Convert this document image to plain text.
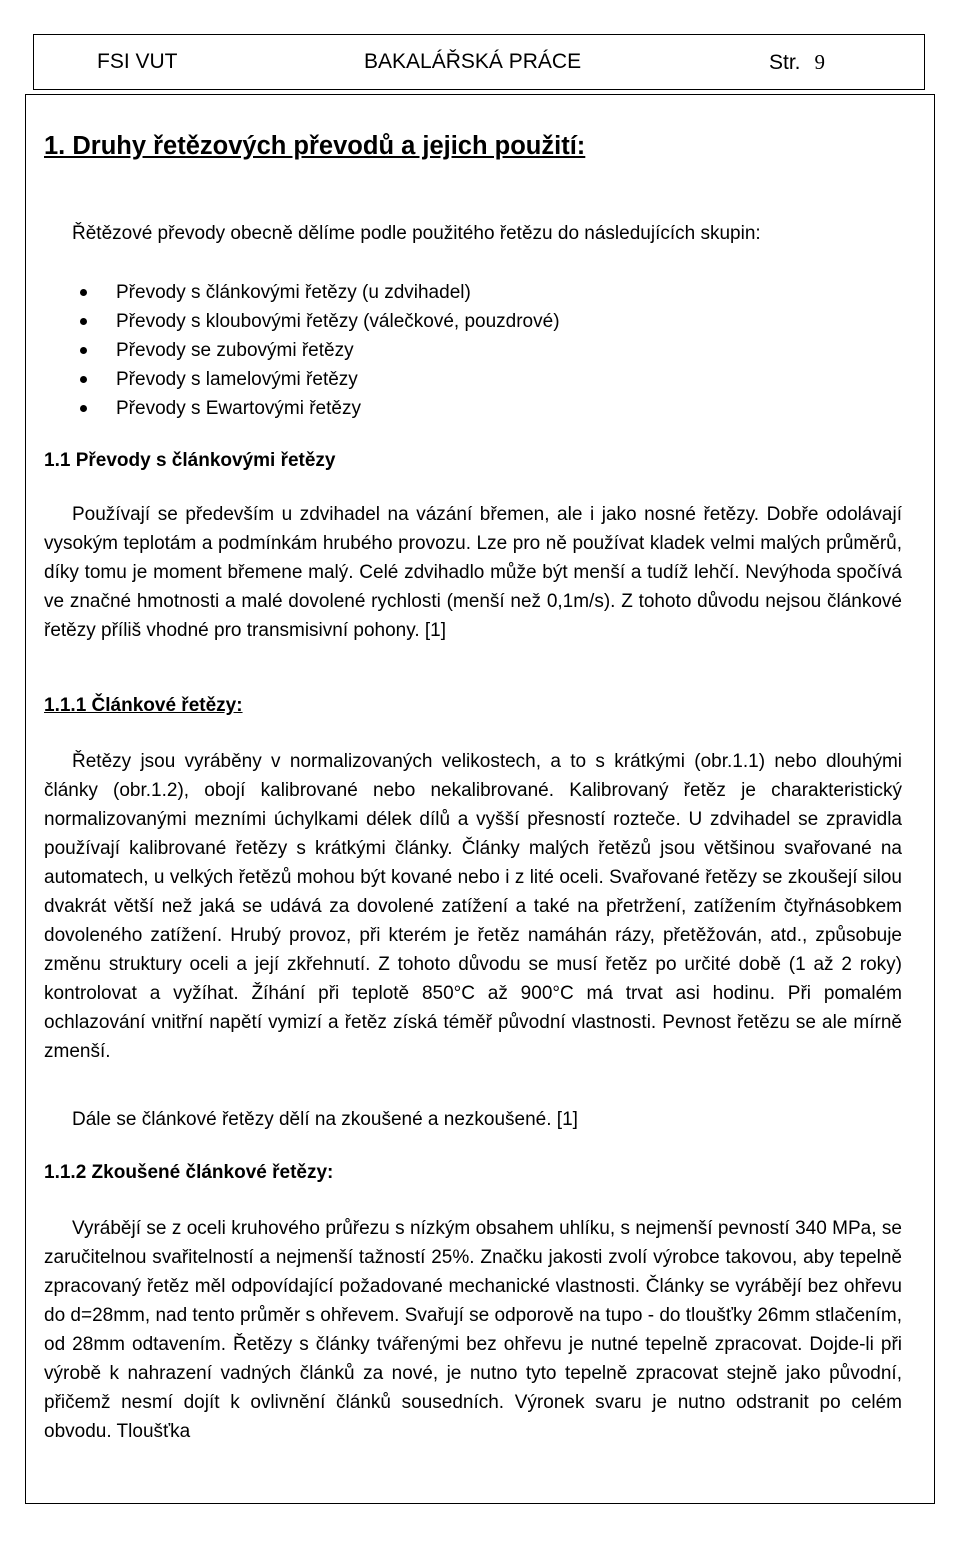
FSI VUT	BAKALÁŘSKÁ PRÁCE	Str. 9
1. Druhy řetězových převodů a jejich použití:

Řětězové převody obecně dělíme podle použitého řetězu do následujících skupin:

Převody s článkovými řetězy (u zdvihadel)
Převody s kloubovými řetězy (válečkové, pouzdrové)
Převody se zubovými řetězy
Převody s lamelovými řetězy
Převody s Ewartovými řetězy
1.1 Převody s článkovými řetězy

Používají se především u zdvihadel na vázání břemen, ale i jako nosné řetězy. Dobře odolávají vysokým teplotám a podmínkám hrubého provozu. Lze pro ně používat kladek velmi malých průměrů, díky tomu je moment břemene malý. Celé zdvihadlo může být menší a tudíž lehčí. Nevýhoda spočívá ve značné hmotnosti a malé dovolené rychlosti (menší než 0,1m/s). Z tohoto důvodu nejsou článkové řetězy příliš vhodné pro transmisivní pohony. [1]

1.1.1 Článkové řetězy:

Řetězy jsou vyráběny v normalizovaných velikostech, a to s krátkými (obr.1.1) nebo dlouhými články (obr.1.2), obojí kalibrované nebo nekalibrované. Kalibrovaný řetěz je charakteristický normalizovanými mezními úchylkami délek dílů a vyšší přesností rozteče. U zdvihadel se zpravidla používají kalibrované řetězy s krátkými články. Články malých řetězů jsou většinou svařované na automatech, u velkých řetězů mohou být kované nebo i z lité oceli. Svařované řetězy se zkoušejí silou dvakrát větší než jaká se udává za dovolené zatížení a také na přetržení, zatížením čtyřnásobkem dovoleného zatížení. Hrubý provoz, při kterém je řetěz namáhán rázy, přetěžován, atd., způsobuje změnu struktury oceli a její zkřehnutí. Z tohoto důvodu se musí řetěz po určité době (1 až 2 roky) kontrolovat a vyžíhat. Žíhání při teplotě 850°C až 900°C má trvat asi hodinu. Při pomalém ochlazování vnitřní napětí vymizí a řetěz získá téměř původní vlastnosti. Pevnost řetězu se ale mírně zmenší.

Dále se článkové řetězy dělí na zkoušené a nezkoušené. [1]

1.1.2 Zkoušené článkové řetězy:

Vyrábějí se z oceli kruhového průřezu s nízkým obsahem uhlíku, s nejmenší pevností 340 MPa, se zaručitelnou svařitelností a nejmenší tažností 25%. Značku jakosti zvolí výrobce takovou, aby tepelně zpracovaný řetěz měl odpovídající požadované mechanické vlastnosti. Články se vyrábějí bez ohřevu do d=28mm, nad tento průměr s ohřevem. Svařují se odporově na tupo - do tloušťky 26mm stlačením, od 28mm odtavením. Řetězy s články tvářenými bez ohřevu je nutné tepelně zpracovat. Dojde-li při výrobě k nahrazení vadných článků za nové, je nutno tyto tepelně zpracovat stejně jako původní, přičemž nesmí dojít k ovlivnění článků sousedních. Výronek svaru je nutno odstranit po celém obvodu. Tloušťka
